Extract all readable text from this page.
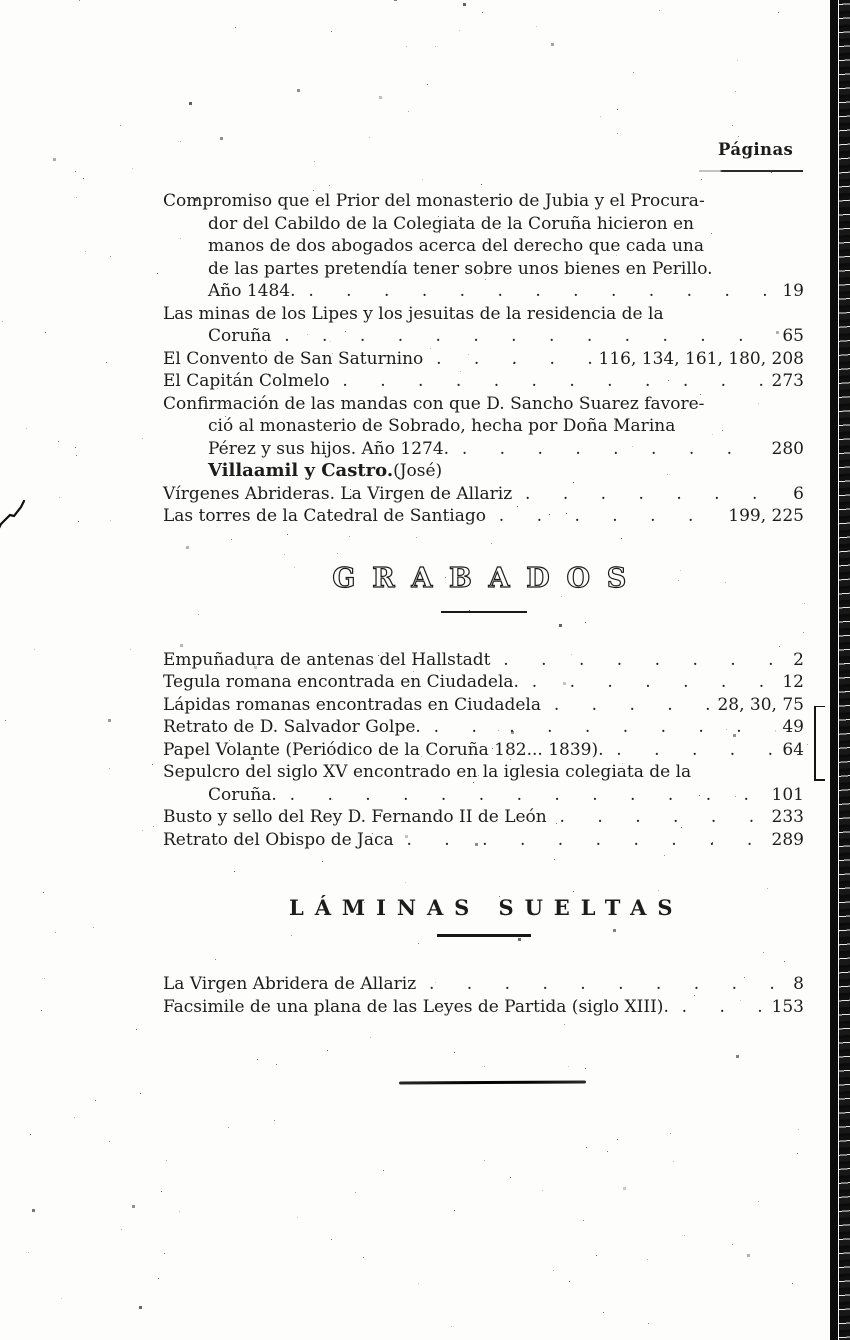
Páginas
Compromiso que el Prior del monasterio de Jubia y el Procura-
dor del Cabildo de la Colegiata de la Coruña hicieron en
manos de dos abogados acerca del derecho que cada una
de las partes pretendía tener sobre unos bienes en Perillo.
Año 1484. .	19
Las minas de los Lipes y los jesuitas de la residencia de la
Coruña .	65
El Convento de San Saturnino .	116, 134, 161, 180, 208
El Capitán Colmelo .	273
Confirmación de las mandas con que D. Sancho Suarez favore-
ció al monasterio de Sobrado, hecha por Doña Marina
Pérez y sus hijos. Año 1274. .	280
Villaamil y Castro. (José)
Vírgenes Abrideras. La Virgen de Allariz .	6
Las torres de la Catedral de Santiago .	199, 225
GRABADOS
Empuñadura de antenas del Hallstadt .	2
Tegula romana encontrada en Ciudadela. .	12
Lápidas romanas encontradas en Ciudadela .	28, 30, 75
Retrato de D. Salvador Golpe. .	49
Papel Volante (Periódico de la Coruña 182... 1839). .	64
Sepulcro del siglo XV encontrado en la iglesia colegiata de la
Coruña. .	101
Busto y sello del Rey D. Fernando II de León .	233
Retrato del Obispo de Jaca .	289
LÁMINAS SUELTAS
La Virgen Abridera de Allariz .	8
Facsimile de una plana de las Leyes de Partida (siglo XIII). .	153
